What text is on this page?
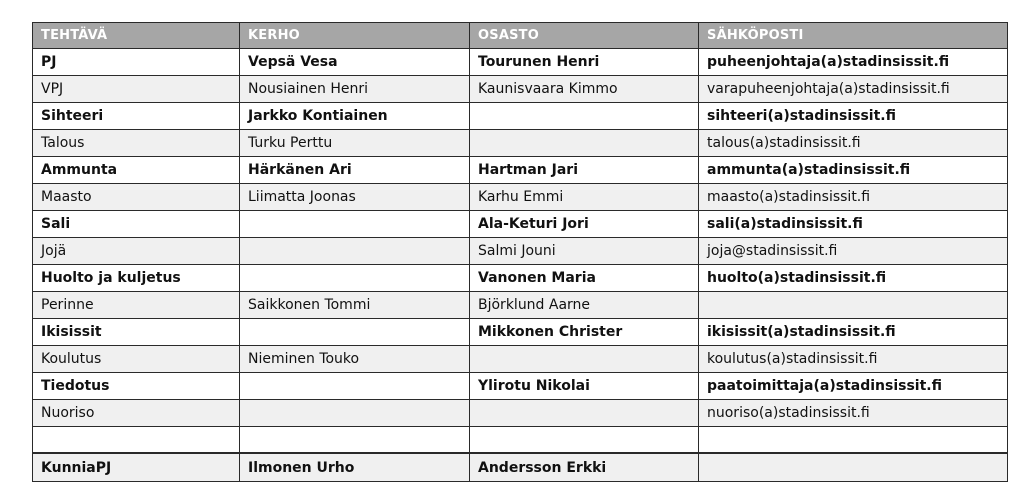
TEHTÄVÄ	KERHO	OSASTO	SÄHKÖPOSTI
PJ	Vepsä Vesa	Tourunen Henri	puheenjohtaja(a)stadinsissit.fi
VPJ	Nousiainen Henri	Kaunisvaara Kimmo	varapuheenjohtaja(a)stadinsissit.fi
Sihteeri	Jarkko Kontiainen		sihteeri(a)stadinsissit.fi
Talous	Turku Perttu		talous(a)stadinsissit.fi
Ammunta	Härkänen Ari	Hartman Jari	ammunta(a)stadinsissit.fi
Maasto	Liimatta Joonas	Karhu Emmi	maasto(a)stadinsissit.fi
Sali		Ala-Keturi Jori	sali(a)stadinsissit.fi
Jojä		Salmi Jouni	joja@stadinsissit.fi
Huolto ja kuljetus		Vanonen Maria	huolto(a)stadinsissit.fi
Perinne	Saikkonen Tommi	Björklund Aarne	
Ikisissit		Mikkonen Christer	ikisissit(a)stadinsissit.fi
Koulutus	Nieminen Touko		koulutus(a)stadinsissit.fi
Tiedotus		Ylirotu Nikolai	paatoimittaja(a)stadinsissit.fi
Nuoriso			nuoriso(a)stadinsissit.fi

KunniaPJ	Ilmonen Urho	Andersson Erkki	
